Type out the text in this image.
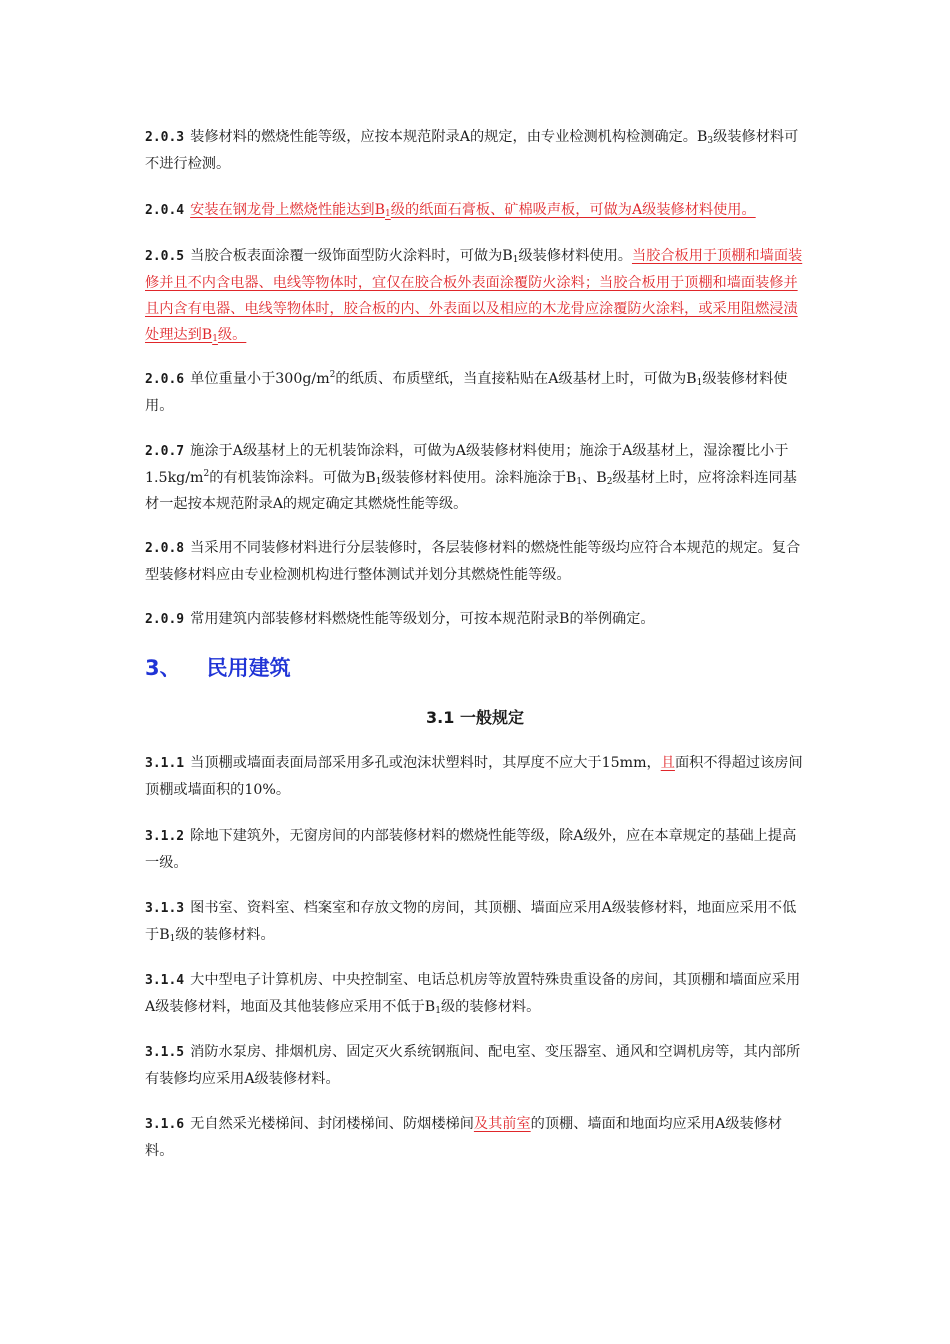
2.0.3 装修材料的燃烧性能等级，应按本规范附录A的规定，由专业检测机构检测确定。$B_3$级装修材料可不进行检测。

2.0.4 安装在钢龙骨上燃烧性能达到$B_1$级的纸面石膏板、矿棉吸声板，可做为A级装修材料使用。

2.0.5 当胶合板表面涂覆一级饰面型防火涂料时，可做为$B_1$级装修材料使用。当胶合板用于顶棚和墙面装修并且不内含电器、电线等物体时，宜仅在胶合板外表面涂覆防火涂料；当胶合板用于顶棚和墙面装修并且内含有电器、电线等物体时，胶合板的内、外表面以及相应的木龙骨应涂覆防火涂料，或采用阻燃浸渍处理达到$B_1$级。

2.0.6 单位重量小于$300g/m^2$的纸质、布质壁纸，当直接粘贴在A级基材上时，可做为$B_1$级装修材料使用。

2.0.7 施涂于A级基材上的无机装饰涂料，可做为A级装修材料使用；施涂于A级基材上，湿涂覆比小于$1.5kg/m^2$的有机装饰涂料。可做为$B_1$级装修材料使用。涂料施涂于$B_1$、$B_2$级基材上时，应将涂料连同基材一起按本规范附录A的规定确定其燃烧性能等级。

2.0.8 当采用不同装修材料进行分层装修时，各层装修材料的燃烧性能等级均应符合本规范的规定。复合型装修材料应由专业检测机构进行整体测试并划分其燃烧性能等级。

2.0.9 常用建筑内部装修材料燃烧性能等级划分，可按本规范附录B的举例确定。

3、 民用建筑
3.1 一般规定

3.1.1 当顶棚或墙面表面局部采用多孔或泡沫状塑料时，其厚度不应大于15mm，且面积不得超过该房间顶棚或墙面积的10%。

3.1.2 除地下建筑外，无窗房间的内部装修材料的燃烧性能等级，除A级外，应在本章规定的基础上提高一级。

3.1.3 图书室、资料室、档案室和存放文物的房间，其顶棚、墙面应采用A级装修材料，地面应采用不低于$B_1$级的装修材料。

3.1.4 大中型电子计算机房、中央控制室、电话总机房等放置特殊贵重设备的房间，其顶棚和墙面应采用A级装修材料，地面及其他装修应采用不低于$B_1$级的装修材料。

3.1.5 消防水泵房、排烟机房、固定灭火系统钢瓶间、配电室、变压器室、通风和空调机房等，其内部所有装修均应采用A级装修材料。

3.1.6 无自然采光楼梯间、封闭楼梯间、防烟楼梯间及其前室的顶棚、墙面和地面均应采用A级装修材料。
